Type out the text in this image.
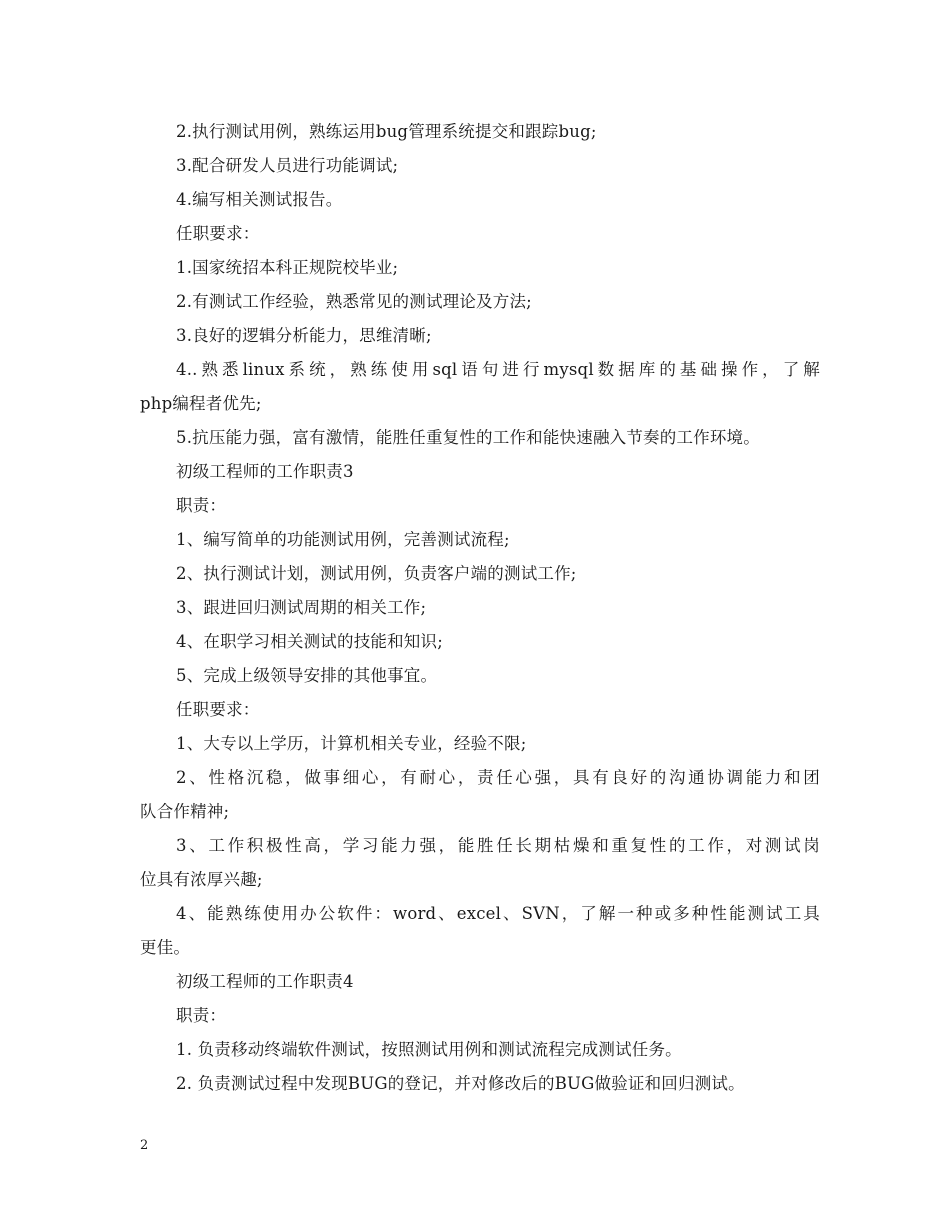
2.执行测试用例，熟练运用bug管理系统提交和跟踪bug;
3.配合研发人员进行功能调试;
4.编写相关测试报告。
任职要求：
1.国家统招本科正规院校毕业;
2.有测试工作经验，熟悉常见的测试理论及方法;
3.良好的逻辑分析能力，思维清晰;
4..熟悉linux系统，熟练使用sql语句进行mysql数据库的基础操作，了解
php编程者优先;
5.抗压能力强，富有激情，能胜任重复性的工作和能快速融入节奏的工作环境。
初级工程师的工作职责3
职责：
1、编写简单的功能测试用例，完善测试流程;
2、执行测试计划，测试用例，负责客户端的测试工作;
3、跟进回归测试周期的相关工作;
4、在职学习相关测试的技能和知识;
5、完成上级领导安排的其他事宜。
任职要求：
1、大专以上学历，计算机相关专业，经验不限;
2、性格沉稳，做事细心，有耐心，责任心强，具有良好的沟通协调能力和团
队合作精神;
3、工作积极性高，学习能力强，能胜任长期枯燥和重复性的工作，对测试岗
位具有浓厚兴趣;
4、能熟练使用办公软件：word、excel、SVN，了解一种或多种性能测试工具
更佳。
初级工程师的工作职责4
职责：
1. 负责移动终端软件测试，按照测试用例和测试流程完成测试任务。
2. 负责测试过程中发现BUG的登记，并对修改后的BUG做验证和回归测试。
2
